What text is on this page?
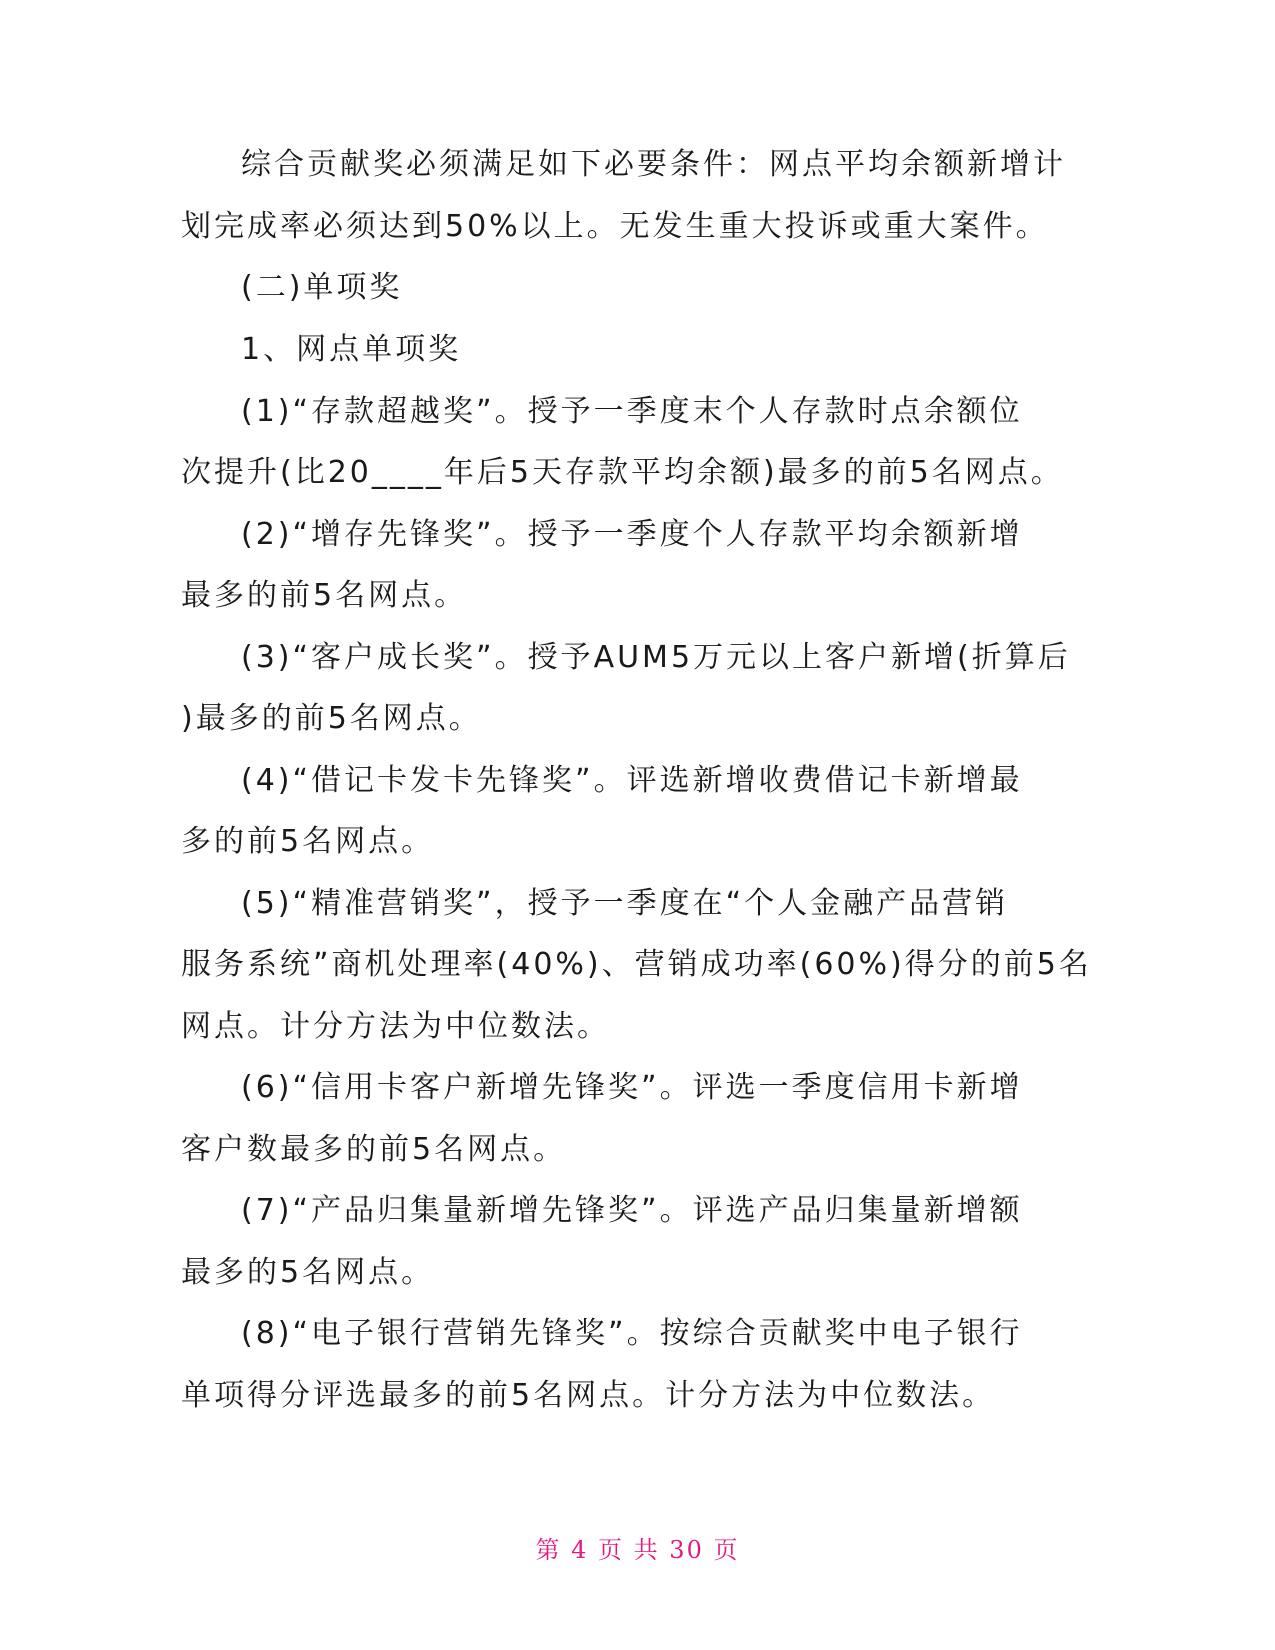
综合贡献奖必须满足如下必要条件：网点平均余额新增计

划完成率必须达到50%以上。无发生重大投诉或重大案件。

(二)单项奖

1、网点单项奖

(1)“存款超越奖”。授予一季度末个人存款时点余额位

次提升(比20____年后5天存款平均余额)最多的前5名网点。

(2)“增存先锋奖”。授予一季度个人存款平均余额新增

最多的前5名网点。

(3)“客户成长奖”。授予AUM5万元以上客户新增(折算后

)最多的前5名网点。

(4)“借记卡发卡先锋奖”。评选新增收费借记卡新增最

多的前5名网点。

(5)“精准营销奖”，授予一季度在“个人金融产品营销

服务系统”商机处理率(40%)、营销成功率(60%)得分的前5名

网点。计分方法为中位数法。

(6)“信用卡客户新增先锋奖”。评选一季度信用卡新增

客户数最多的前5名网点。

(7)“产品归集量新增先锋奖”。评选产品归集量新增额

最多的5名网点。

(8)“电子银行营销先锋奖”。按综合贡献奖中电子银行

单项得分评选最多的前5名网点。计分方法为中位数法。

第 4 页 共 30 页
